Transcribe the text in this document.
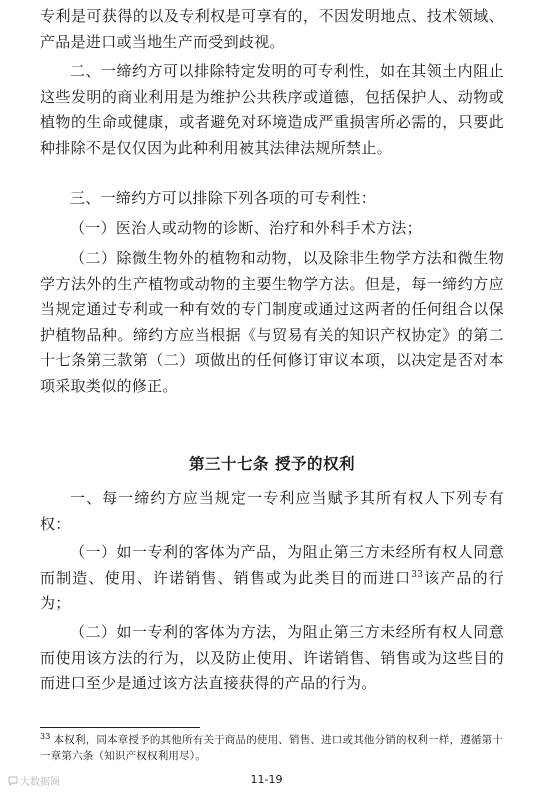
专利是可获得的以及专利权是可享有的，不因发明地点、技术领域、产品是进口或当地生产而受到歧视。

二、一缔约方可以排除特定发明的可专利性，如在其领土内阻止这些发明的商业利用是为维护公共秩序或道德，包括保护人、动物或植物的生命或健康，或者避免对环境造成严重损害所必需的，只要此种排除不是仅仅因为此种利用被其法律法规所禁止。

三、一缔约方可以排除下列各项的可专利性：

（一）医治人或动物的诊断、治疗和外科手术方法；

（二）除微生物外的植物和动物，以及除非生物学方法和微生物学方法外的生产植物或动物的主要生物学方法。但是，每一缔约方应当规定通过专利或一种有效的专门制度或通过这两者的任何组合以保护植物品种。缔约方应当根据《与贸易有关的知识产权协定》的第二十七条第三款第（二）项做出的任何修订审议本项，以决定是否对本项采取类似的修正。

第三十七条 授予的权利

一、每一缔约方应当规定一专利应当赋予其所有权人下列专有权：

（一）如一专利的客体为产品，为阻止第三方未经所有权人同意而制造、使用、许诺销售、销售或为此类目的而进口$^{33}$该产品的行为；

（二）如一专利的客体为方法，为阻止第三方未经所有权人同意而使用该方法的行为，以及防止使用、许诺销售、销售或为这些目的而进口至少是通过该方法直接获得的产品的行为。

$^{33}$ 本权利，同本章授予的其他所有关于商品的使用、销售、进口或其他分销的权利一样，遵循第十一章第六条（知识产权权利用尽）。

大数据圈	11-19
